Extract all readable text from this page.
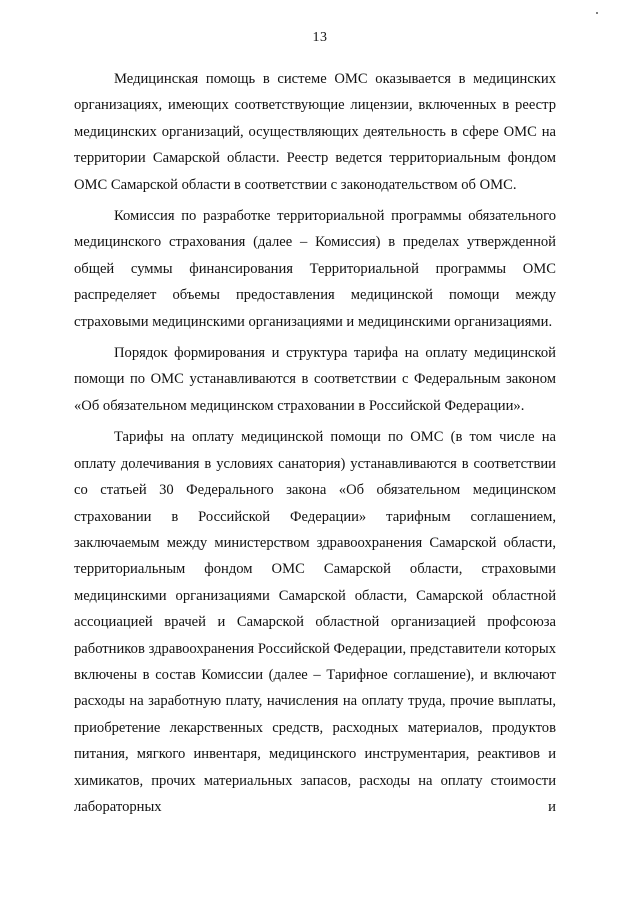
13

Медицинская помощь в системе ОМС оказывается в медицинских организациях, имеющих соответствующие лицензии, включенных в реестр медицинских организаций, осуществляющих деятельность в сфере ОМС на территории Самарской области. Реестр ведется территориальным фондом ОМС Самарской области в соответствии с законодательством об ОМС.

Комиссия по разработке территориальной программы обязательного медицинского страхования (далее – Комиссия) в пределах утвержденной общей суммы финансирования Территориальной программы ОМС распределяет объемы предоставления медицинской помощи между страховыми медицинскими организациями и медицинскими организациями.

Порядок формирования и структура тарифа на оплату медицинской помощи по ОМС устанавливаются в соответствии с Федеральным законом «Об обязательном медицинском страховании в Российской Федерации».

Тарифы на оплату медицинской помощи по ОМС (в том числе на оплату долечивания в условиях санатория) устанавливаются в соответствии со статьей 30 Федерального закона «Об обязательном медицинском страховании в Российской Федерации» тарифным соглашением, заключаемым между министерством здравоохранения Самарской области, территориальным фондом ОМС Самарской области, страховыми медицинскими организациями Самарской области, Самарской областной ассоциацией врачей и Самарской областной организацией профсоюза работников здравоохранения Российской Федерации, представители которых включены в состав Комиссии (далее – Тарифное соглашение), и включают расходы на заработную плату, начисления на оплату труда, прочие выплаты, приобретение лекарственных средств, расходных материалов, продуктов питания, мягкого инвентаря, медицинского инструментария, реактивов и химикатов, прочих материальных запасов, расходы на оплату стоимости лабораторных и
